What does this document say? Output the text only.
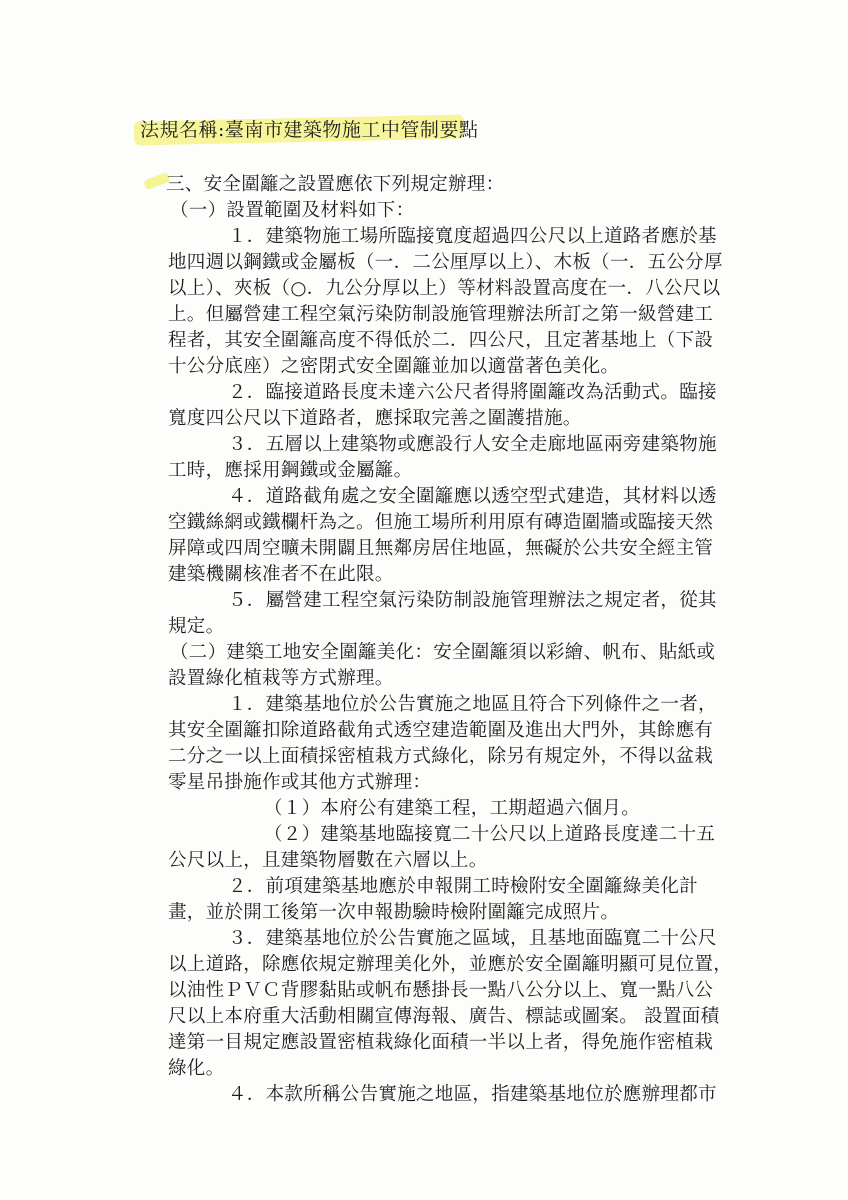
法規名稱:臺南市建築物施工中管制要點
三、安全圍籬之設置應依下列規定辦理：
（一）設置範圍及材料如下：
１．建築物施工場所臨接寬度超過四公尺以上道路者應於基
地四週以鋼鐵或金屬板（一．二公厘厚以上）、木板（一．五公分厚
以上）、夾板（○．九公分厚以上）等材料設置高度在一．八公尺以
上。但屬營建工程空氣污染防制設施管理辦法所訂之第一級營建工
程者，其安全圍籬高度不得低於二．四公尺，且定著基地上（下設
十公分底座）之密閉式安全圍籬並加以適當著色美化。
２．臨接道路長度未達六公尺者得將圍籬改為活動式。臨接
寬度四公尺以下道路者，應採取完善之圍護措施。
３．五層以上建築物或應設行人安全走廊地區兩旁建築物施
工時，應採用鋼鐵或金屬籬。
４．道路截角處之安全圍籬應以透空型式建造，其材料以透
空鐵絲網或鐵欄杆為之。但施工場所利用原有磚造圍牆或臨接天然
屏障或四周空曠未開闢且無鄰房居住地區，無礙於公共安全經主管
建築機關核准者不在此限。
５．屬營建工程空氣污染防制設施管理辦法之規定者，從其
規定。
（二）建築工地安全圍籬美化：安全圍籬須以彩繪、帆布、貼紙或
設置綠化植栽等方式辦理。
１．建築基地位於公告實施之地區且符合下列條件之一者，
其安全圍籬扣除道路截角式透空建造範圍及進出大門外，其餘應有
二分之一以上面積採密植栽方式綠化，除另有規定外，不得以盆栽
零星吊掛施作或其他方式辦理：
（１）本府公有建築工程，工期超過六個月。
（２）建築基地臨接寬二十公尺以上道路長度達二十五
公尺以上，且建築物層數在六層以上。
２．前項建築基地應於申報開工時檢附安全圍籬綠美化計
畫，並於開工後第一次申報勘驗時檢附圍籬完成照片。
３．建築基地位於公告實施之區域，且基地面臨寬二十公尺
以上道路，除應依規定辦理美化外，並應於安全圍籬明顯可見位置，
以油性ＰＶＣ背膠黏貼或帆布懸掛長一點八公分以上、寬一點八公
尺以上本府重大活動相關宣傳海報、廣告、標誌或圖案。 設置面積
達第一目規定應設置密植栽綠化面積一半以上者，得免施作密植栽
綠化。
４．本款所稱公告實施之地區，指建築基地位於應辦理都市
